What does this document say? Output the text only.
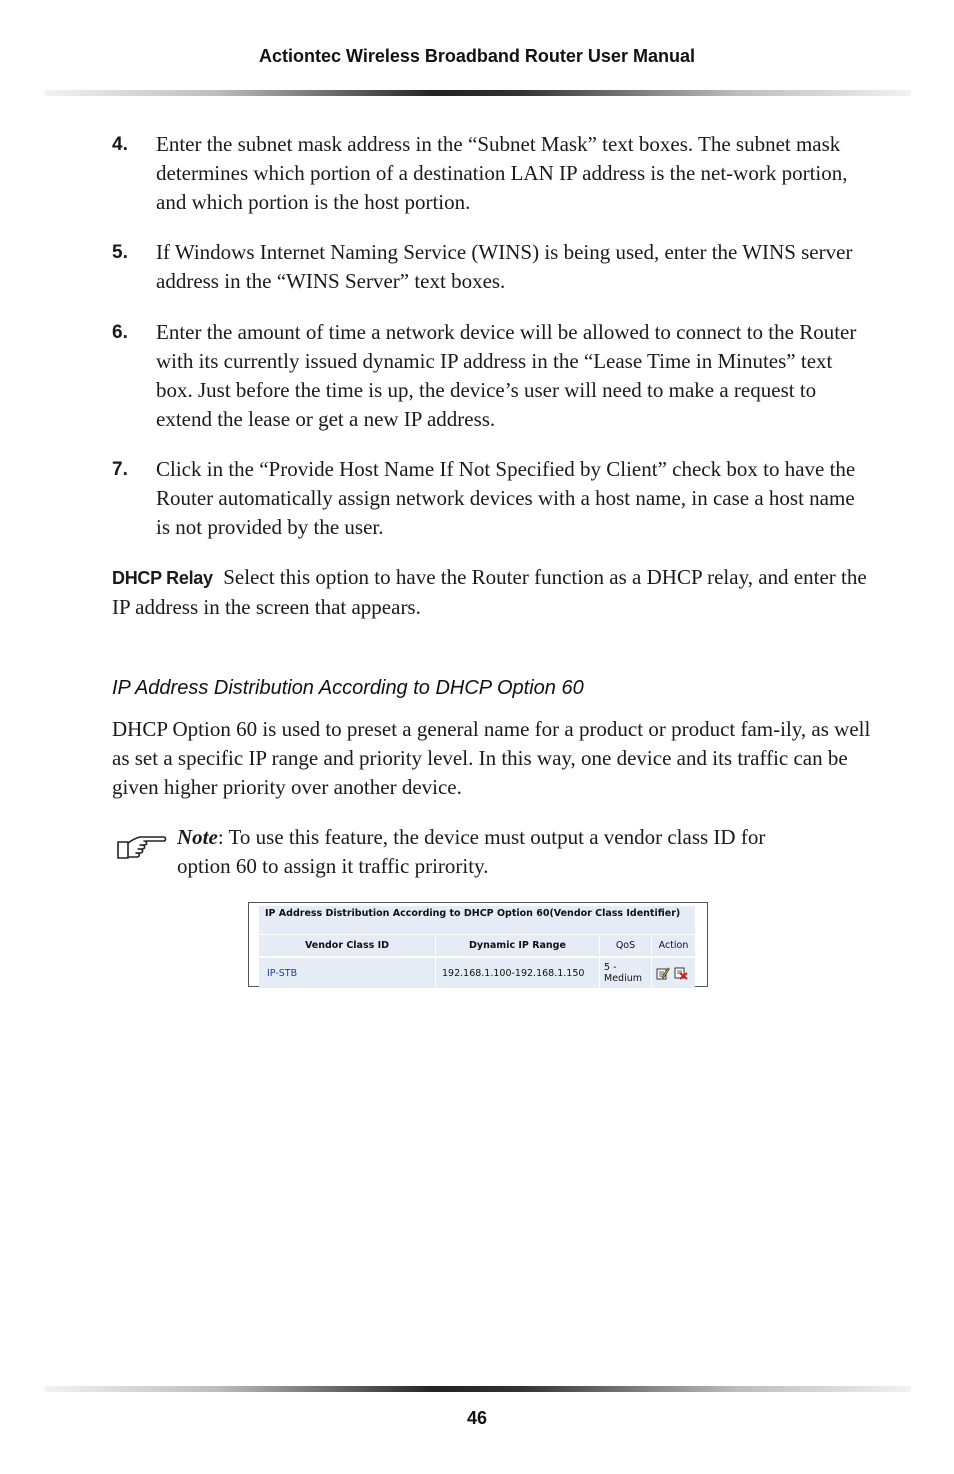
Actiontec Wireless Broadband Router User Manual
4. Enter the subnet mask address in the “Subnet Mask” text boxes. The subnet mask determines which portion of a destination LAN IP address is the net-work portion, and which portion is the host portion.
5. If Windows Internet Naming Service (WINS) is being used, enter the WINS server address in the “WINS Server” text boxes.
6. Enter the amount of time a network device will be allowed to connect to the Router with its currently issued dynamic IP address in the “Lease Time in Minutes” text box. Just before the time is up, the device’s user will need to make a request to extend the lease or get a new IP address.
7. Click in the “Provide Host Name If Not Specified by Client” check box to have the Router automatically assign network devices with a host name, in case a host name is not provided by the user.
DHCP Relay Select this option to have the Router function as a DHCP relay, and enter the IP address in the screen that appears.
IP Address Distribution According to DHCP Option 60
DHCP Option 60 is used to preset a general name for a product or product fam-ily, as well as set a specific IP range and priority level. In this way, one device and its traffic can be given higher priority over another device.
Note: To use this feature, the device must output a vendor class ID for option 60 to assign it traffic prirority.
IP Address Distribution According to DHCP Option 60(Vendor Class Identifier)
Vendor Class ID	Dynamic IP Range	QoS	Action
IP-STB	192.168.1.100-192.168.1.150	5 -
Medium
46
